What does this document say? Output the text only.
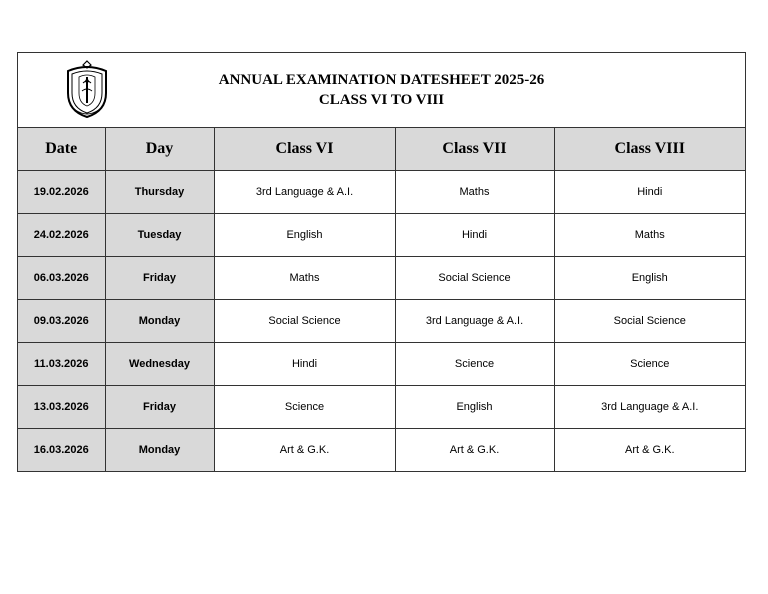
ANNUAL EXAMINATION DATESHEET 2025-26
CLASS VI TO VIII
Date	Day	Class VI	Class VII	Class VIII
19.02.2026	Thursday	3rd Language & A.I.	Maths	Hindi
24.02.2026	Tuesday	English	Hindi	Maths
06.03.2026	Friday	Maths	Social Science	English
09.03.2026	Monday	Social Science	3rd Language & A.I.	Social Science
11.03.2026	Wednesday	Hindi	Science	Science
13.03.2026	Friday	Science	English	3rd Language & A.I.
16.03.2026	Monday	Art & G.K.	Art & G.K.	Art & G.K.
